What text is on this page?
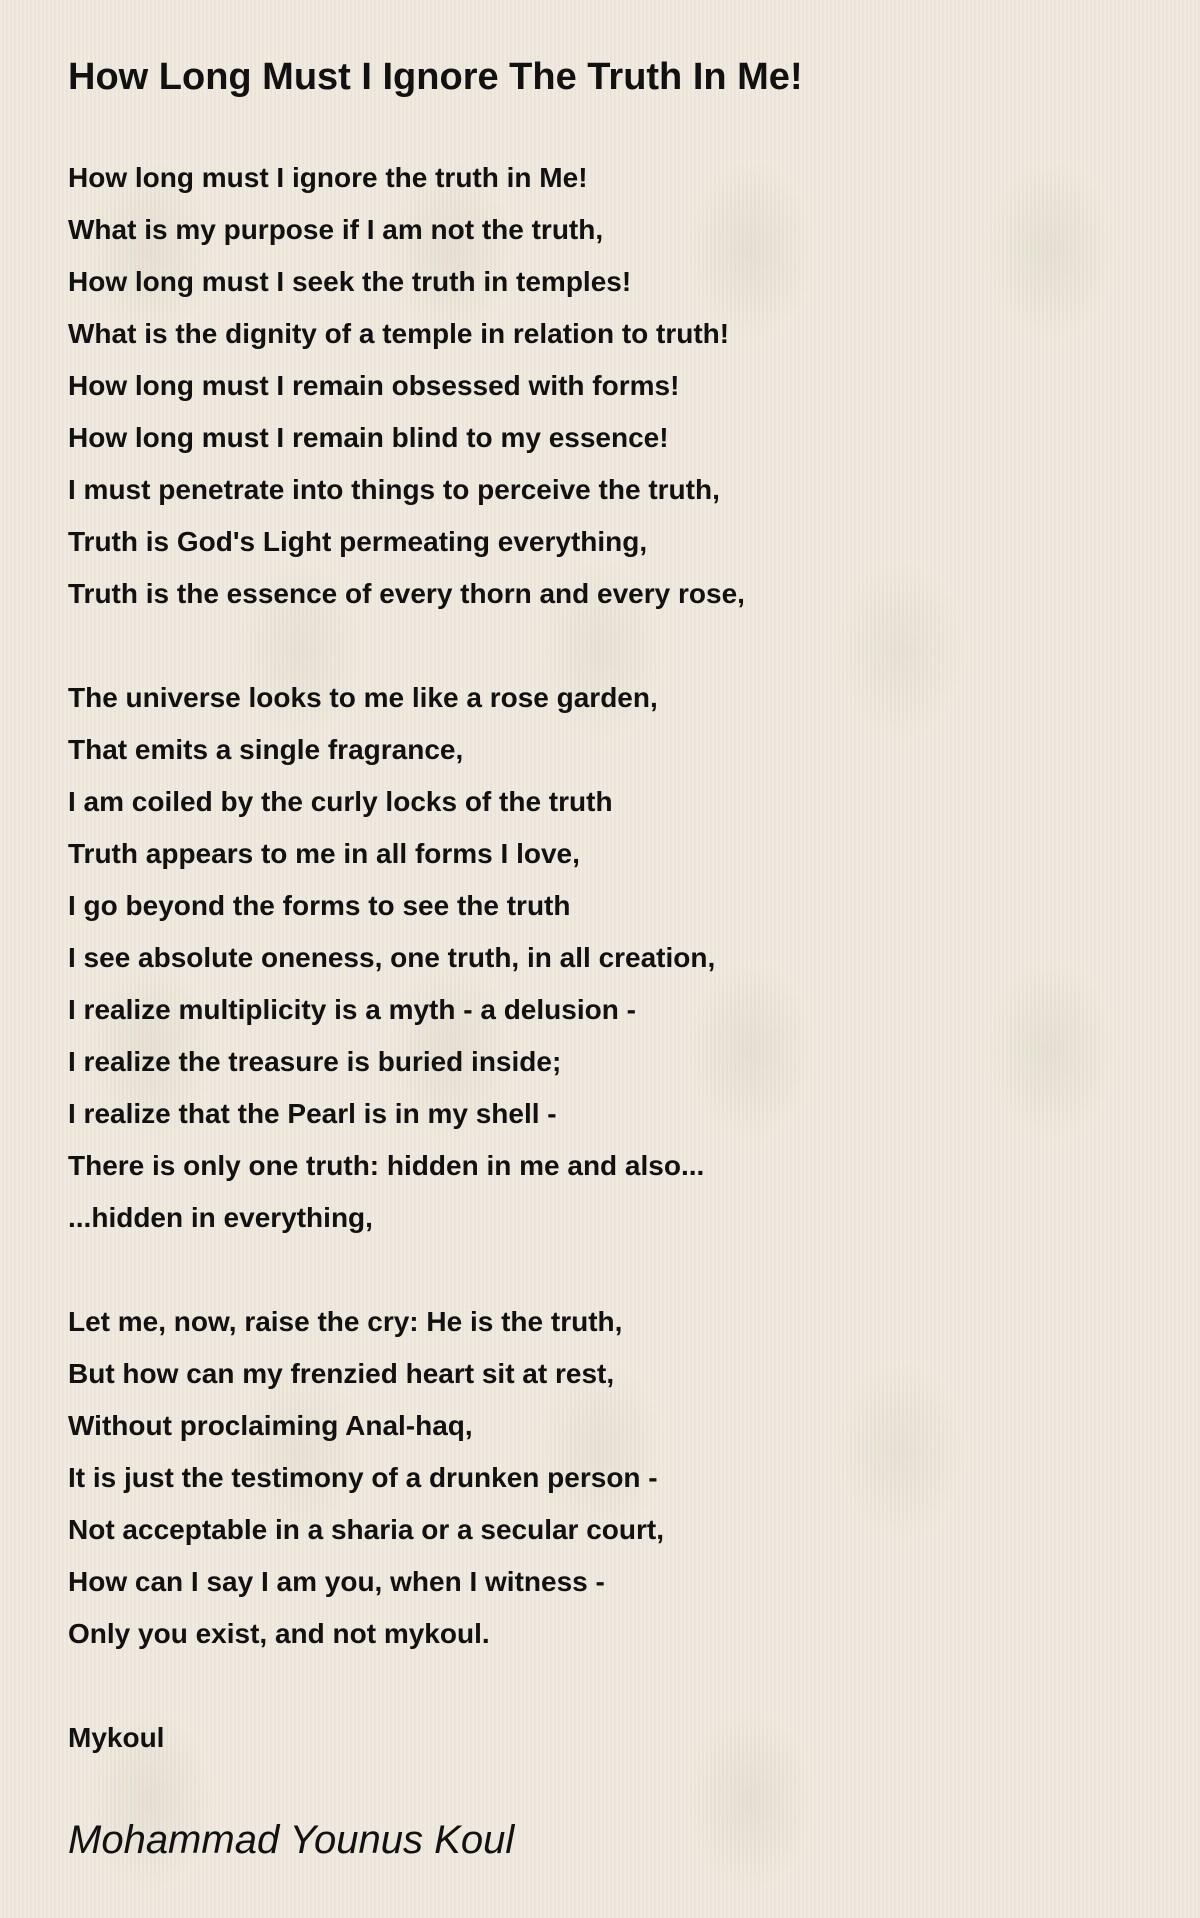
How Long Must I Ignore The Truth In Me!
How long must I ignore the truth in Me!
What is my purpose if I am not the truth,
How long must I seek the truth in temples!
What is the dignity of a temple in relation to truth!
How long must I remain obsessed with forms!
How long must I remain blind to my essence!
I must penetrate into things to perceive the truth,
Truth is God's Light permeating everything,
Truth is the essence of every thorn and every rose,
The universe looks to me like a rose garden,
That emits a single fragrance,
I am coiled by the curly locks of the truth
Truth appears to me in all forms I love,
I go beyond the forms to see the truth
I see absolute oneness, one truth, in all creation,
I realize multiplicity is a myth - a delusion -
I realize the treasure is buried inside;
I realize that the Pearl is in my shell -
There is only one truth: hidden in me and also...
...hidden in everything,
Let me, now, raise the cry: He is the truth,
But how can my frenzied heart sit at rest,
Without proclaiming Anal-haq,
It is just the testimony of a drunken person -
Not acceptable in a sharia or a secular court,
How can I say I am you, when I witness -
Only you exist, and not mykoul.
Mykoul
Mohammad Younus Koul
